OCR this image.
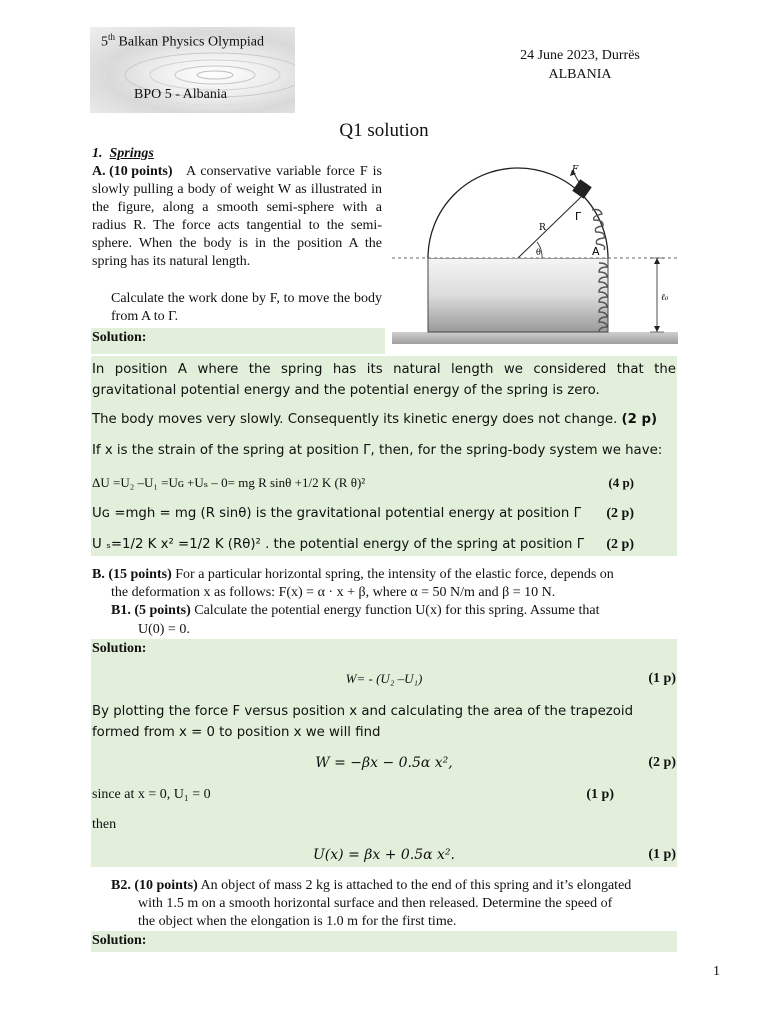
5th Balkan Physics Olympiad
BPO 5 - Albania
24 June 2023, Durrës
ALBANIA
Q1 solution
1. Springs
A. (10 points) A conservative variable force F is slowly pulling a body of weight W as illustrated in the figure, along a smooth semi-sphere with a radius R. The force acts tangential to the semi-sphere. When the body is in the position A the spring has its natural length.
Calculate the work done by F, to move the body from A to Γ.
F
R
θ
Γ
A
ℓ₀
Solution:
In position A where the spring has its natural length we considered that the gravitational potential energy and the potential energy of the spring is zero.
The body moves very slowly. Consequently its kinetic energy does not change. (2 p)
If x is the strain of the spring at position Γ, then, for the spring-body system we have:
ΔU =U₂ –U₁ =Uɢ +Uₛ – 0= mg R sinθ +1/2 K (R θ)²	(4 p)
Uɢ =mgh = mg (R sinθ) is the gravitational potential energy at position Γ (2 p)
U ₛ=1/2 K x² =1/2 K (Rθ)² . the potential energy of the spring at position Γ (2 p)
B. (15 points) For a particular horizontal spring, the intensity of the elastic force, depends on
the deformation x as follows: F(x) = α · x + β, where α = 50 N/m and β = 10 N.
B1. (5 points) Calculate the potential energy function U(x) for this spring. Assume that
U(0) = 0.
Solution:
W= - (U₂ –U₁)	(1 p)
By plotting the force F versus position x and calculating the area of the trapezoid
formed from x = 0 to position x we will find
W = −βx − 0.5α x²,	(2 p)
since at x = 0, U₁ = 0	(1 p)
then
U(x) = βx + 0.5α x².	(1 p)
B2. (10 points) An object of mass 2 kg is attached to the end of this spring and it’s elongated
with 1.5 m on a smooth horizontal surface and then released. Determine the speed of
the object when the elongation is 1.0 m for the first time.
Solution:
1
